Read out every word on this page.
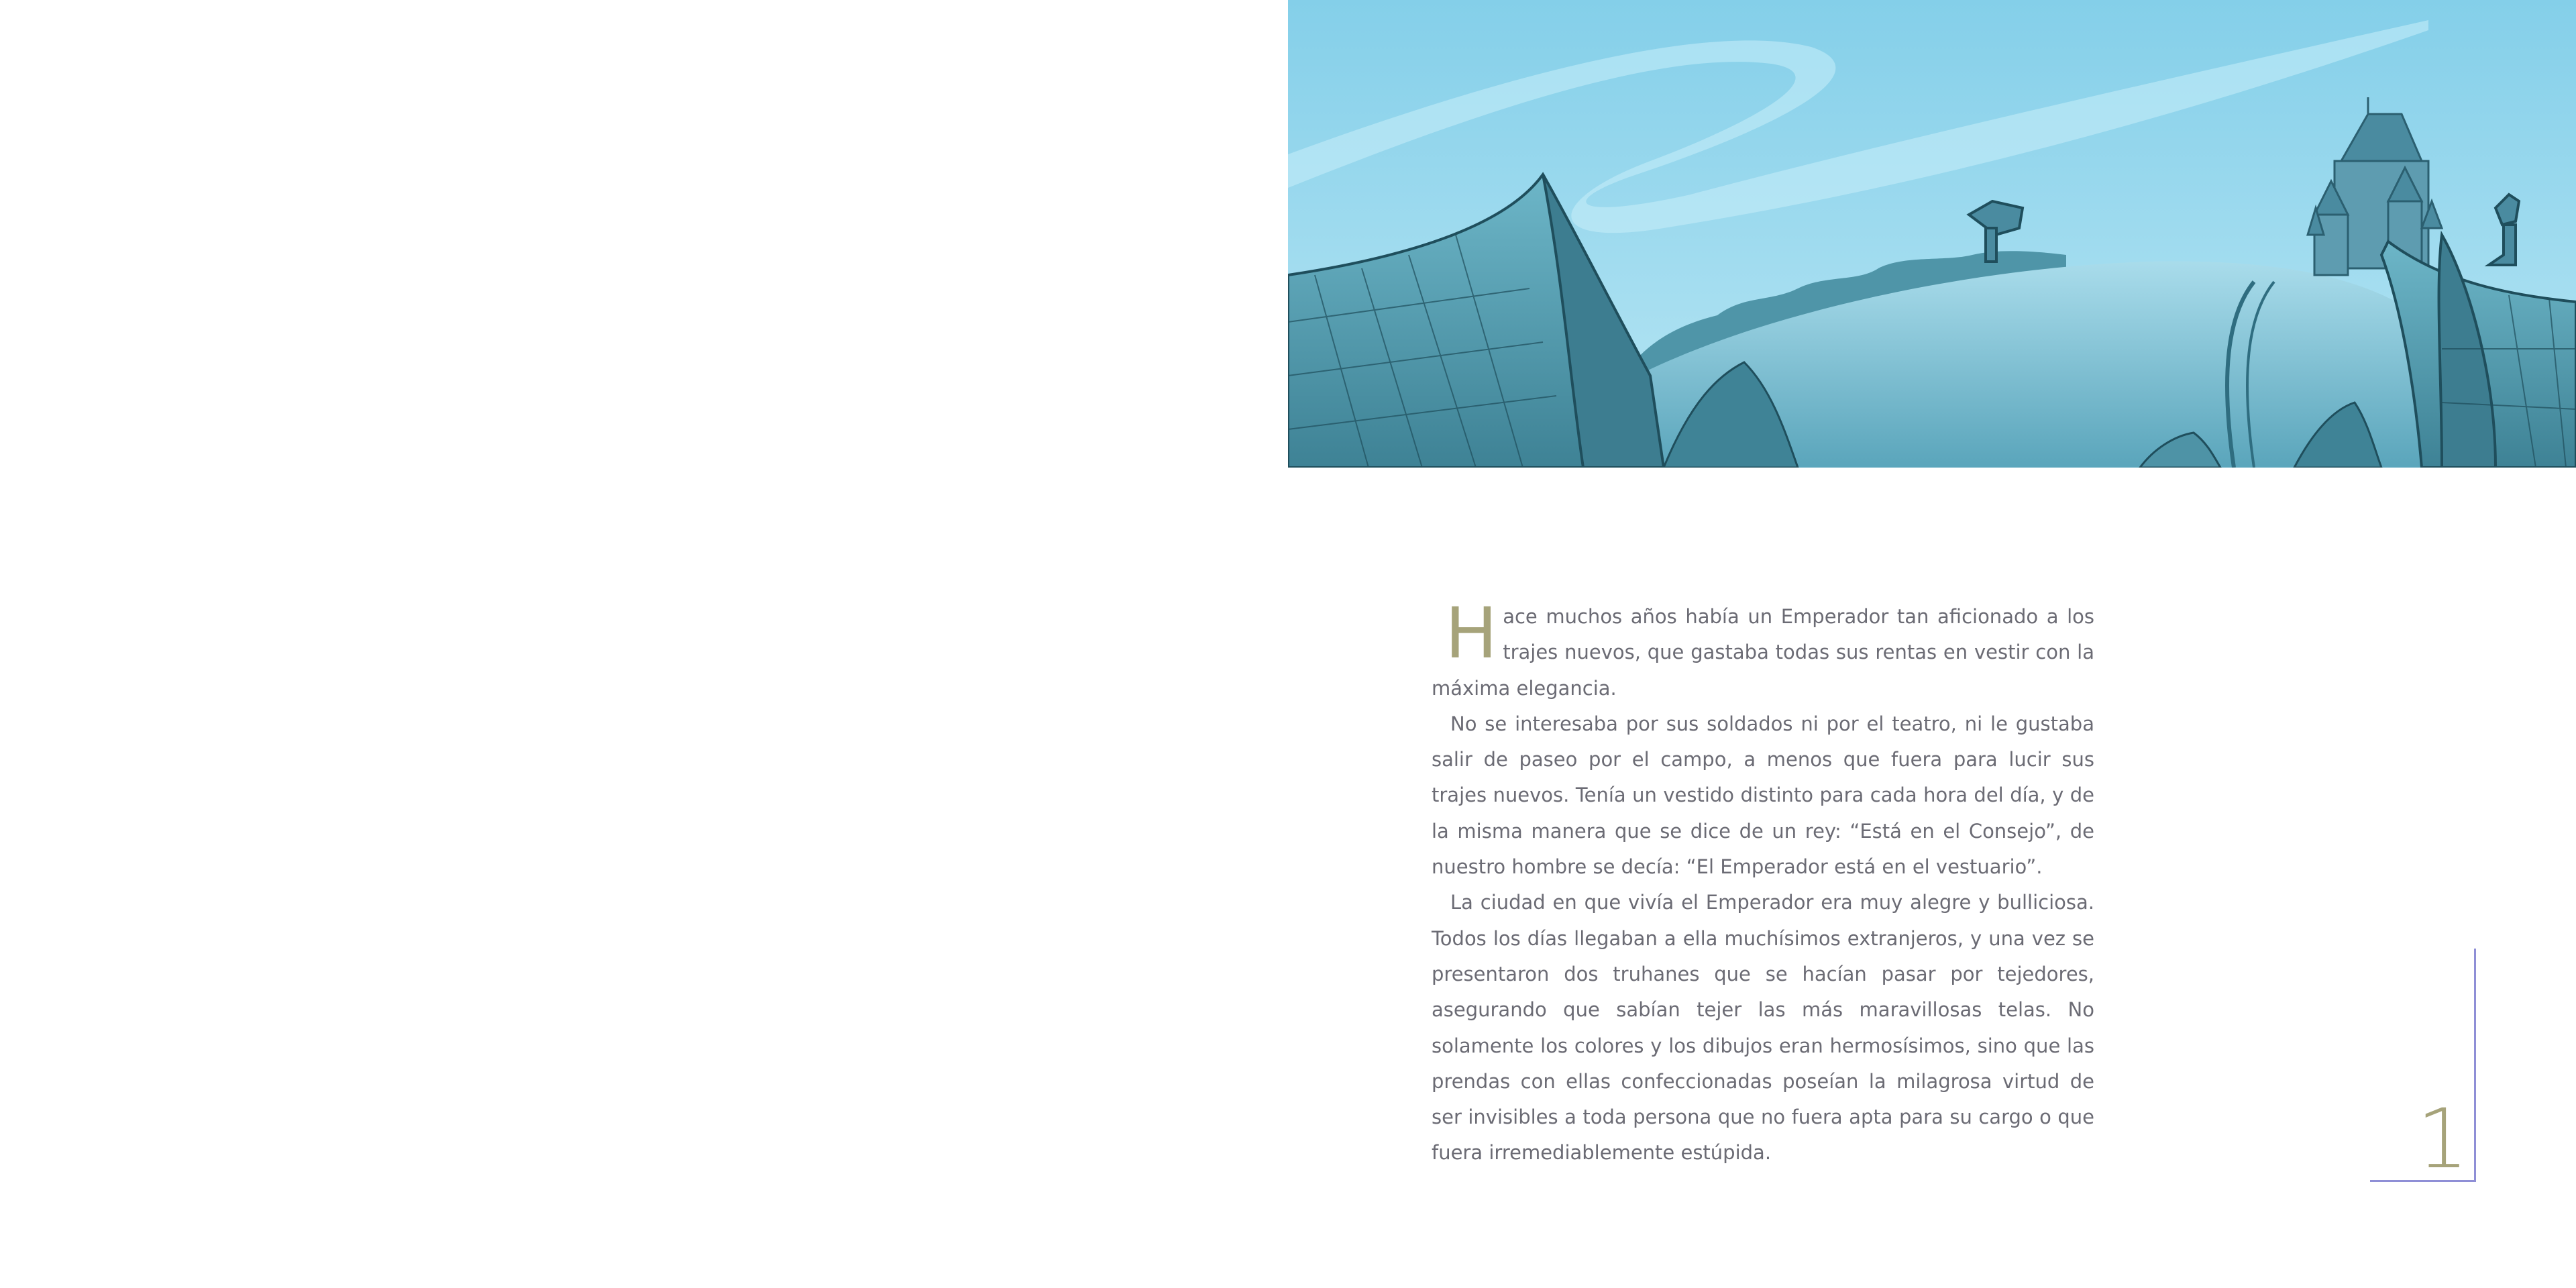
Hace muchos años había un Emperador tan aficionado a los trajes nuevos, que gastaba todas sus rentas en vestir con la máxima elegancia.

No se interesaba por sus soldados ni por el teatro, ni le gustaba salir de paseo por el campo, a menos que fuera para lucir sus trajes nuevos. Tenía un vestido distinto para cada hora del día, y de la misma manera que se dice de un rey: “Está en el Consejo”, de nuestro hombre se decía: “El Emperador está en el vestuario”.

La ciudad en que vivía el Emperador era muy alegre y bulliciosa. Todos los días llegaban a ella muchísimos extranjeros, y una vez se presentaron dos truhanes que se hacían pasar por tejedores, asegurando que sabían tejer las más maravillosas telas. No solamente los colores y los dibujos eran hermosísimos, sino que las prendas con ellas confeccionadas poseían la milagrosa virtud de ser invisibles a toda persona que no fuera apta para su cargo o que fuera irremediablemente estúpida.	1
